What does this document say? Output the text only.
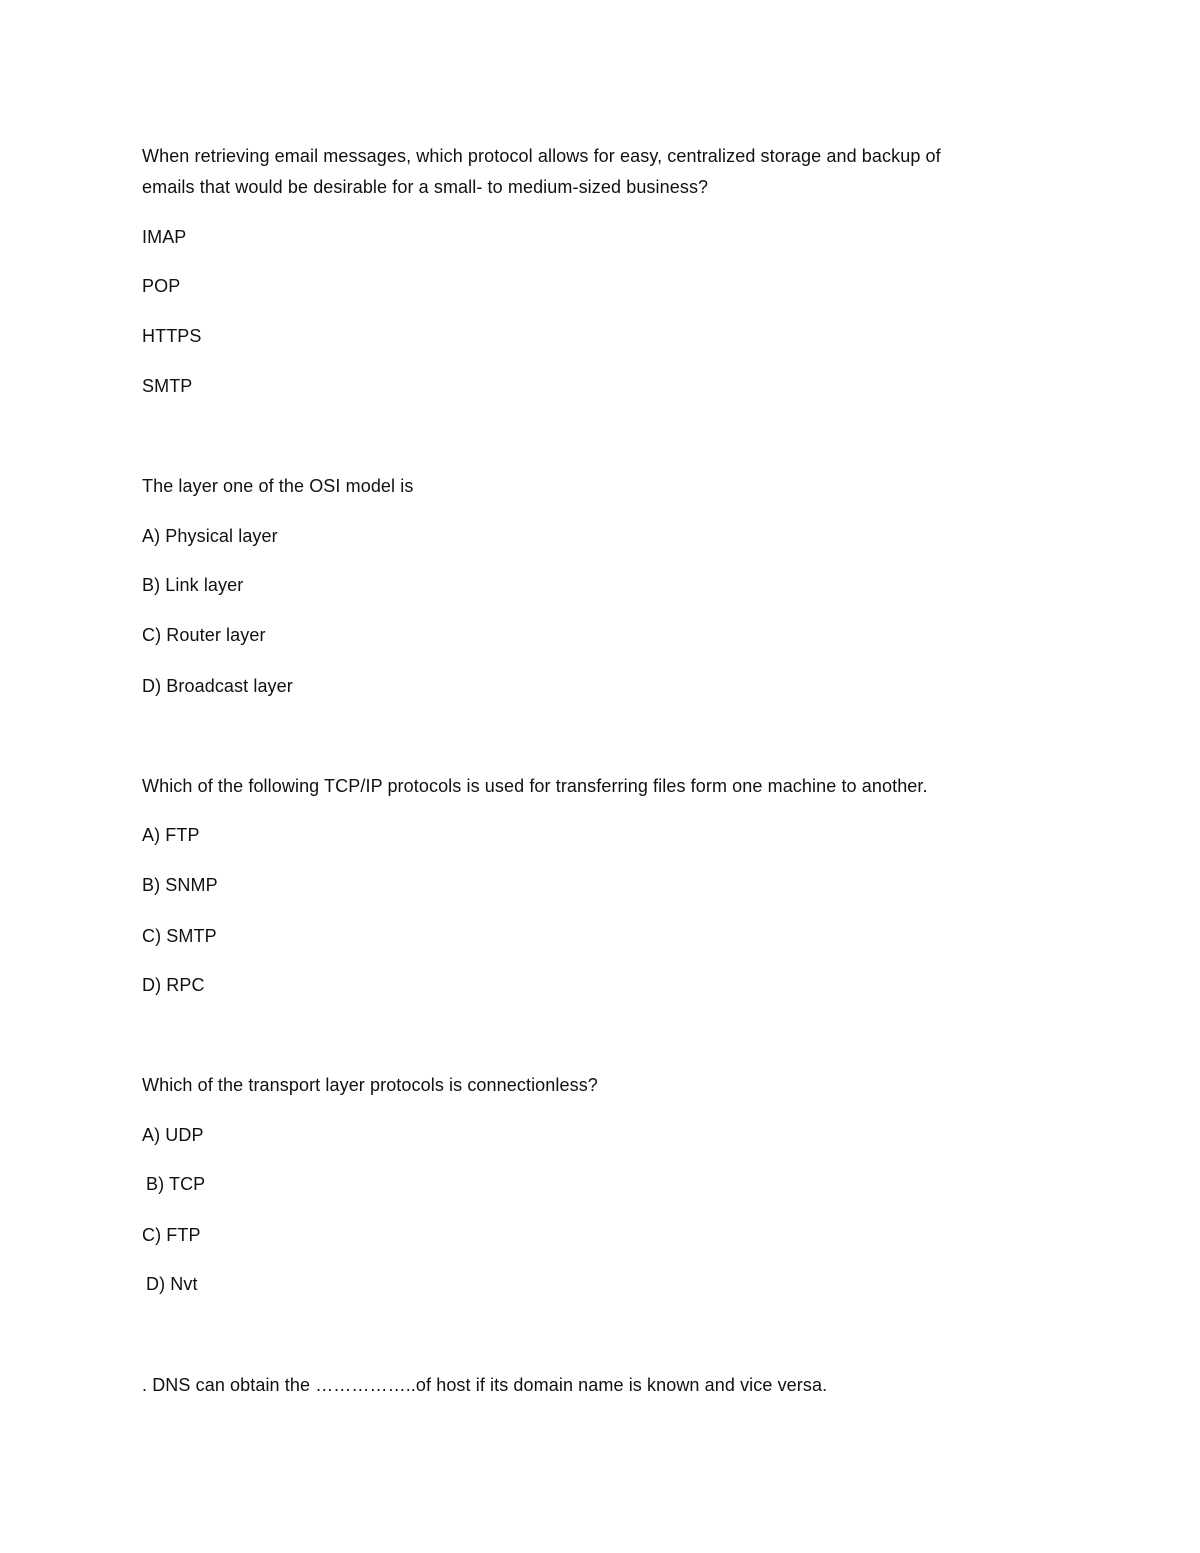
When retrieving email messages, which protocol allows for easy, centralized storage and backup of
emails that would be desirable for a small- to medium-sized business?
IMAP
POP
HTTPS
SMTP
The layer one of the OSI model is
A) Physical layer
B) Link layer
C) Router layer
D) Broadcast layer
Which of the following TCP/IP protocols is used for transferring files form one machine to another.
A) FTP
B) SNMP
C) SMTP
D) RPC
Which of the transport layer protocols is connectionless?
A) UDP
B) TCP
C) FTP
D) Nvt
. DNS can obtain the ……………..of host if its domain name is known and vice versa.
